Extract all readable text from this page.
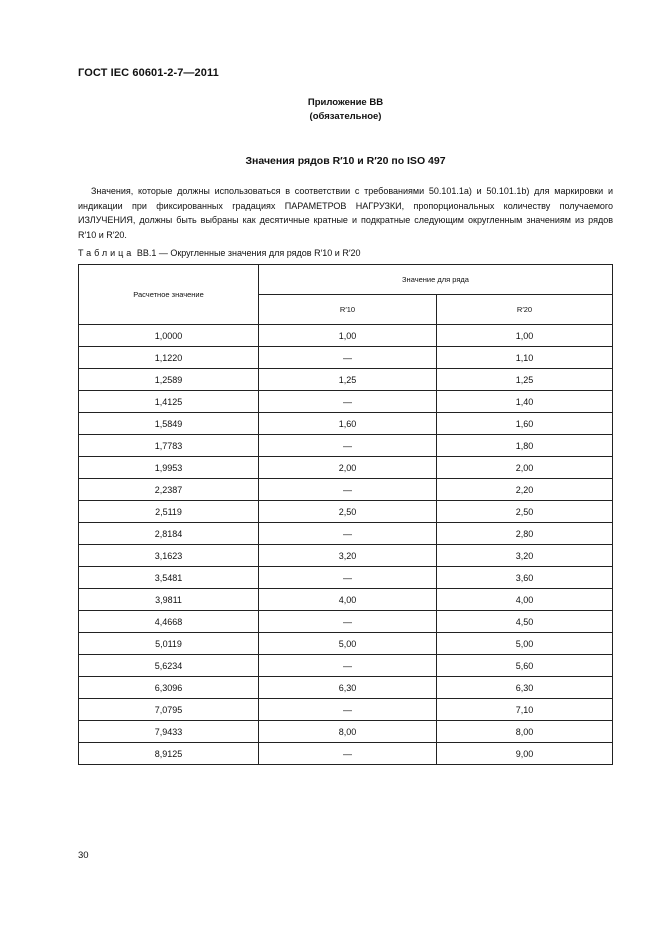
ГОСТ IEC 60601-2-7—2011
Приложение ВВ
(обязательное)
Значения рядов R′10 и R′20 по ISO 497
Значения, которые должны использоваться в соответствии с требованиями 50.101.1а) и 50.101.1b) для маркировки и индикации при фиксированных градациях ПАРАМЕТРОВ НАГРУЗКИ, пропорциональных количеству получаемого ИЗЛУЧЕНИЯ, должны быть выбраны как десятичные кратные и подкратные следующим округленным значениям из рядов R′10 и R′20.
Таблица ВВ.1 — Округленные значения для рядов R′10 и R′20
Расчетное значение	Значение для ряда	
	R′10	R′20
1,0000	1,00	1,00
1,1220	—	1,10
1,2589	1,25	1,25
1,4125	—	1,40
1,5849	1,60	1,60
1,7783	—	1,80
1,9953	2,00	2,00
2,2387	—	2,20
2,5119	2,50	2,50
2,8184	—	2,80
3,1623	3,20	3,20
3,5481	—	3,60
3,9811	4,00	4,00
4,4668	—	4,50
5,0119	5,00	5,00
5,6234	—	5,60
6,3096	6,30	6,30
7,0795	—	7,10
7,9433	8,00	8,00
8,9125	—	9,00
30
